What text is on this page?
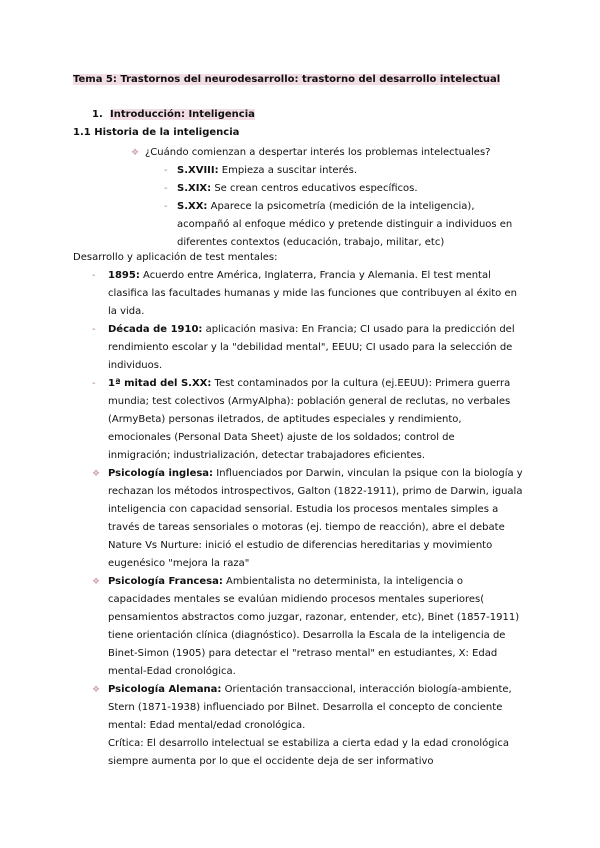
Tema 5: Trastornos del neurodesarrollo: trastorno del desarrollo intelectual
1. Introducción: Inteligencia
1.1 Historia de la inteligencia
❖ ¿Cuándo comienzan a despertar interés los problemas intelectuales?
- S.XVIII: Empieza a suscitar interés.
- S.XIX: Se crean centros educativos específicos.
- S.XX: Aparece la psicometría (medición de la inteligencia),
acompañó al enfoque médico y pretende distinguir a individuos en
diferentes contextos (educación, trabajo, militar, etc)
Desarrollo y aplicación de test mentales:
- 1895: Acuerdo entre América, Inglaterra, Francia y Alemania. El test mental
clasifica las facultades humanas y mide las funciones que contribuyen al éxito en
la vida.
- Década de 1910: aplicación masiva: En Francia; CI usado para la predicción del
rendimiento escolar y la "debilidad mental", EEUU; CI usado para la selección de
individuos.
- 1ª mitad del S.XX: Test contaminados por la cultura (ej.EEUU): Primera guerra
mundia; test colectivos (ArmyAlpha): población general de reclutas, no verbales
(ArmyBeta) personas iletrados, de aptitudes especiales y rendimiento,
emocionales (Personal Data Sheet) ajuste de los soldados; control de
inmigración; industrialización, detectar trabajadores eficientes.
❖ Psicología inglesa: Influenciados por Darwin, vinculan la psique con la biología y
rechazan los métodos introspectivos, Galton (1822-1911), primo de Darwin, iguala
inteligencia con capacidad sensorial. Estudia los procesos mentales simples a
través de tareas sensoriales o motoras (ej. tiempo de reacción), abre el debate
Nature Vs Nurture: inició el estudio de diferencias hereditarias y movimiento
eugenésico "mejora la raza"
❖ Psicología Francesa: Ambientalista no determinista, la inteligencia o
capacidades mentales se evalúan midiendo procesos mentales superiores(
pensamientos abstractos como juzgar, razonar, entender, etc), Binet (1857-1911)
tiene orientación clínica (diagnóstico). Desarrolla la Escala de la inteligencia de
Binet-Simon (1905) para detectar el "retraso mental" en estudiantes, X: Edad
mental-Edad cronológica.
❖ Psicología Alemana: Orientación transaccional, interacción biología-ambiente,
Stern (1871-1938) influenciado por Bilnet. Desarrolla el concepto de conciente
mental: Edad mental/edad cronológica.
Crítica: El desarrollo intelectual se estabiliza a cierta edad y la edad cronológica
siempre aumenta por lo que el occidente deja de ser informativo
